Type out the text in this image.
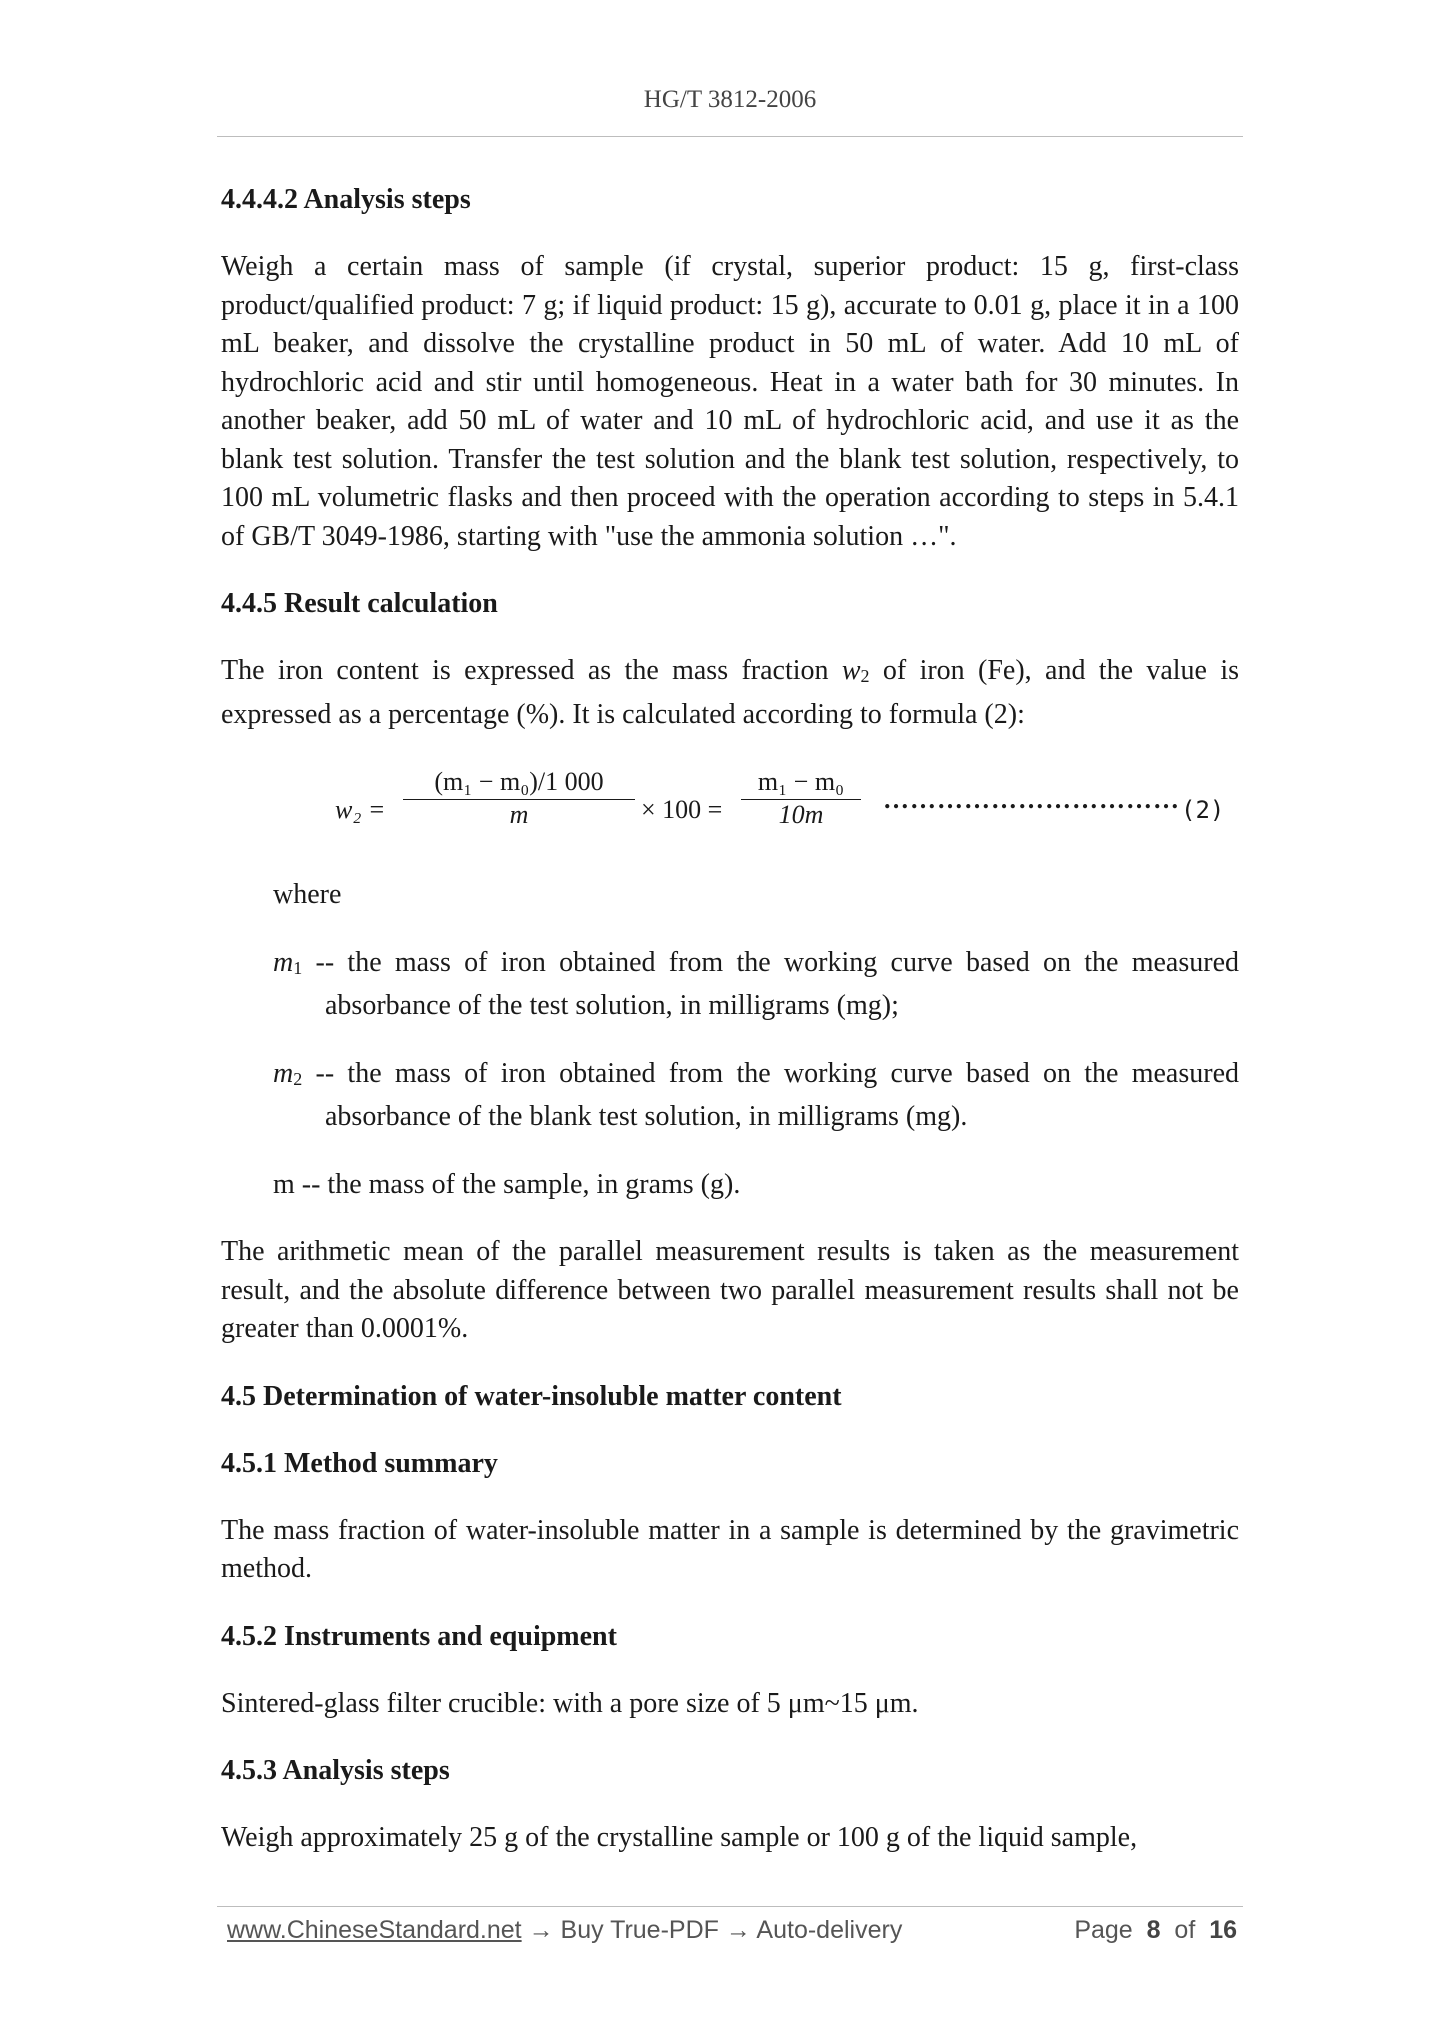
HG/T 3812-2006
4.4.4.2 Analysis steps

Weigh a certain mass of sample (if crystal, superior product: 15 g, first-class product/qualified product: 7 g; if liquid product: 15 g), accurate to 0.01 g, place it in a 100 mL beaker, and dissolve the crystalline product in 50 mL of water. Add 10 mL of hydrochloric acid and stir until homogeneous. Heat in a water bath for 30 minutes. In another beaker, add 50 mL of water and 10 mL of hydrochloric acid, and use it as the blank test solution. Transfer the test solution and the blank test solution, respectively, to 100 mL volumetric flasks and then proceed with the operation according to steps in 5.4.1 of GB/T 3049-1986, starting with "use the ammonia solution …".

4.4.5 Result calculation

The iron content is expressed as the mass fraction w2 of iron (Fe), and the value is expressed as a percentage (%). It is calculated according to formula (2):

$w_2 = \frac{\text{(m₁ − m₀)/1 000}}{m} \times 100 = \frac{\text{m₁ − m₀}}{10m}$ …………………………… (2)
where
m1 -- the mass of iron obtained from the working curve based on the measured absorbance of the test solution, in milligrams (mg);
m2 -- the mass of iron obtained from the working curve based on the measured absorbance of the blank test solution, in milligrams (mg).
m -- the mass of the sample, in grams (g).

The arithmetic mean of the parallel measurement results is taken as the measurement result, and the absolute difference between two parallel measurement results shall not be greater than 0.0001%.

4.5 Determination of water-insoluble matter content
4.5.1 Method summary

The mass fraction of water-insoluble matter in a sample is determined by the gravimetric method.

4.5.2 Instruments and equipment

Sintered-glass filter crucible: with a pore size of 5 μm~15 μm.

4.5.3 Analysis steps

Weigh approximately 25 g of the crystalline sample or 100 g of the liquid sample,

www.ChineseStandard.net → Buy True-PDF → Auto-delivery	Page 8 of 16
